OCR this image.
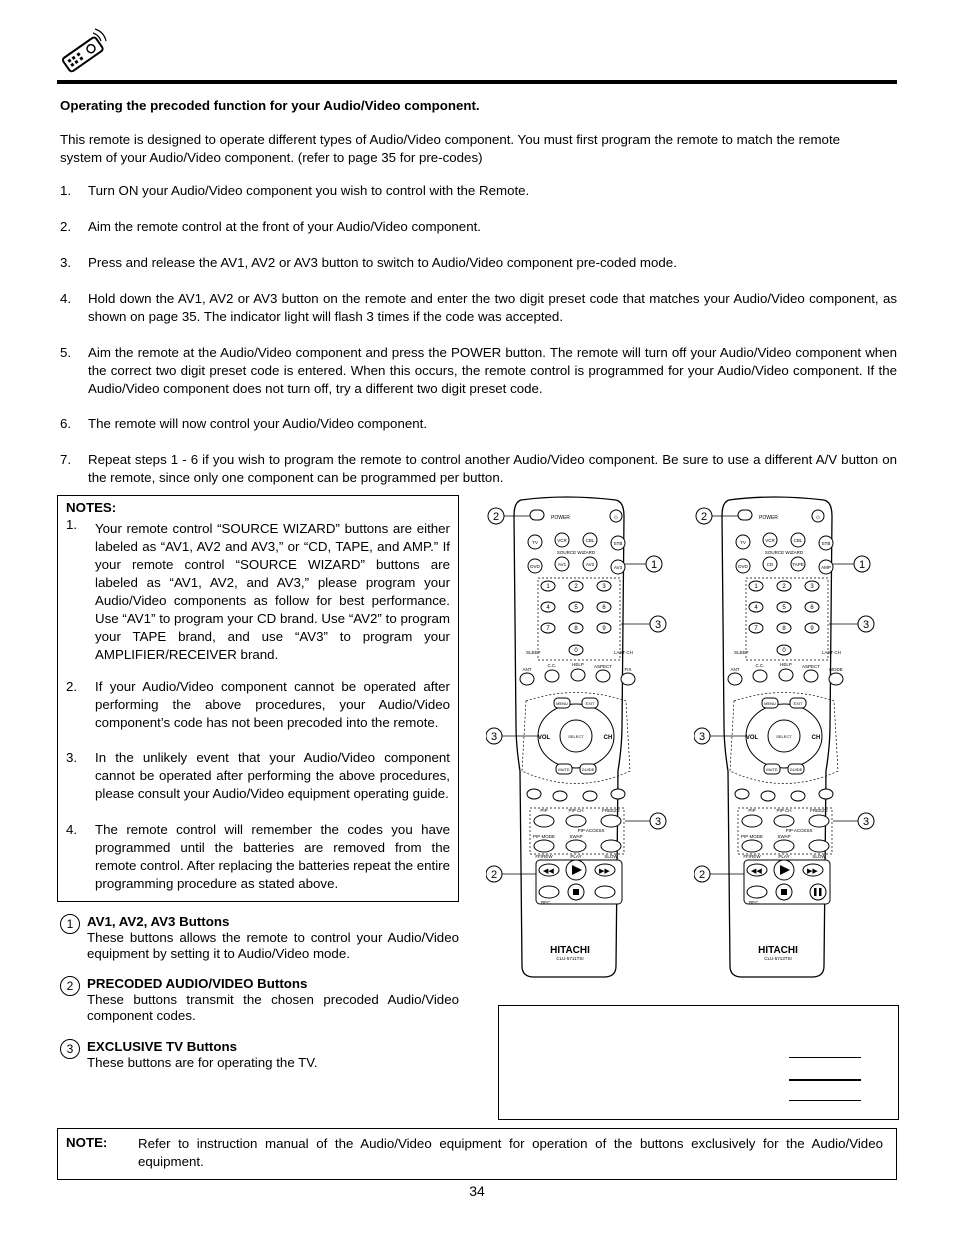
Operating the precoded function for your Audio/Video component.
This remote is designed to operate different types of Audio/Video component. You must first program the remote to match the remote
system of your Audio/Video component. (refer to page 35 for pre-codes)
1. Turn ON your Audio/Video component you wish to control with the Remote.
2. Aim the remote control at the front of your Audio/Video component.
3. Press and release the AV1, AV2 or AV3 button to switch to Audio/Video component pre-coded mode.
4. Hold down the AV1, AV2 or AV3 button on the remote and enter the two digit preset code that matches your Audio/Video component, as shown on page 35. The indicator light will flash 3 times if the code was accepted.
5. Aim the remote at the Audio/Video component and press the POWER button. The remote will turn off your Audio/Video component when the correct two digit preset code is entered. When this occurs, the remote control is programmed for your Audio/Video component. If the Audio/Video component does not turn off, try a different two digit preset code.
6. The remote will now control your Audio/Video component.
7. Repeat steps 1 - 6 if you wish to program the remote to control another Audio/Video component. Be sure to use a different A/V button on the remote, since only one component can be programmed per button.
NOTES:
1. Your remote control “SOURCE WIZARD” buttons are either labeled as “AV1, AV2 and AV3,” or “CD, TAPE, and AMP.” If your remote control “SOURCE WIZARD” buttons are labeled as “AV1, AV2, and AV3,” please program your Audio/Video components as follow for best performance. Use “AV1” to program your CD brand. Use “AV2” to program your TAPE brand, and use “AV3” to program your AMPLIFIER/RECEIVER brand.
2. If your Audio/Video component cannot be operated after performing the above procedures, your Audio/Video component’s code has not been precoded into the remote.
3. In the unlikely event that your Audio/Video component cannot be operated after performing the above procedures, please consult your Audio/Video equipment operating guide.
4. The remote control will remember the codes you have programmed until the batteries are removed from the remote control. After replacing the batteries repeat the entire programming procedure as stated above.
1	AV1, AV2, AV3 Buttons
These buttons allows the remote to control your Audio/Video equipment by setting it to Audio/Video mode.
2	PRECODED AUDIO/VIDEO Buttons
These buttons transmit the chosen precoded Audio/Video component codes.
3	EXCLUSIVE TV Buttons
These buttons are for operating the TV.
2	POWER	☼
TV	VCR	CBL
STB
SOURCE WIZARD
DVD	AV1	AV2
AV3	1
1	2	3
4	5	6
7	8	9
0
SLEEP	LAST CH
3
ANT
C.C.	HELP ASPECT
FIX
SELECT
VOL	CH
MENU	EXIT
MUTE	GUIDE
3
PIP	PIP CH	FREEZE
PIP ACCESS
PIP MODE	SWAP
3
FF/REW	PLAY	SLOW
◀◀	▶▶
REC
2
HITACHI
CLU-5711TSI
2	POWER	☼
TV	VCR	CBL
STB
SOURCE WIZARD
DVD	CD	TAPE
AMP	1
1	2	3
4	5	6
7	8	9
0
SLEEP	LAST CH
3
ANT
C.C.	HELP ASPECT
MODE
SELECT
VOL	CH
MENU	EXIT
MUTE	GUIDE
3
PIP	PIP CH	FREEZE
PIP ACCESS
PIP MODE	SWAP
3
FF/REW	PLAY	SLOW
◀◀	▶▶
REC
2
HITACHI
CLU-5713TSI
NOTE: Refer to instruction manual of the Audio/Video equipment for operation of the buttons exclusively for the Audio/Video equipment.
34
